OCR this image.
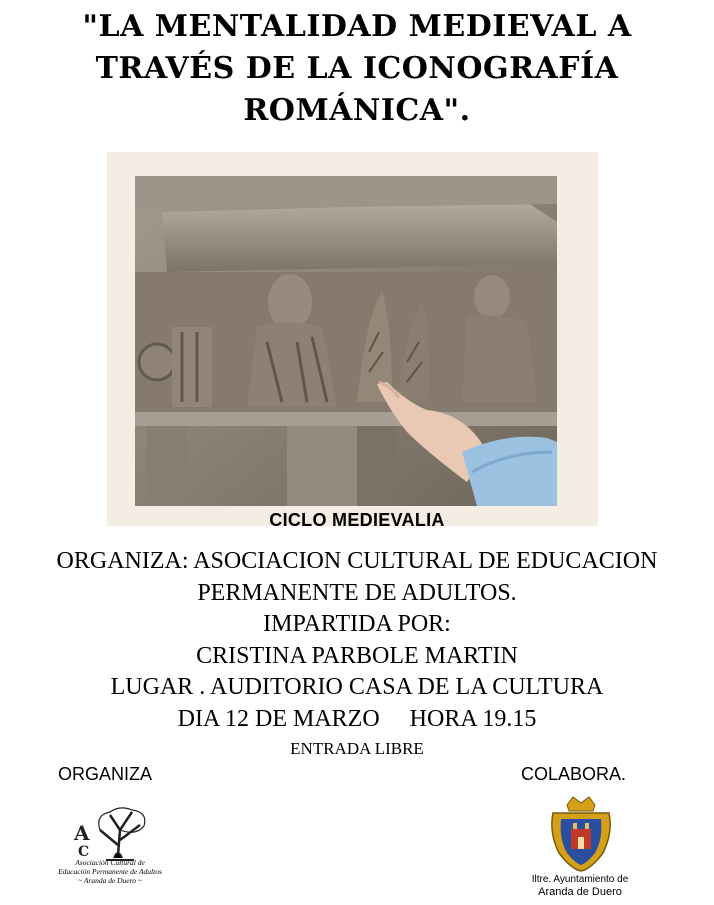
"LA MENTALIDAD MEDIEVAL A
TRAVÉS DE LA ICONOGRAFÍA
ROMÁNICA".
CICLO MEDIEVALIA
ORGANIZA: ASOCIACION CULTURAL DE EDUCACION
PERMANENTE DE ADULTOS.
IMPARTIDA POR:
CRISTINA PARBOLE MARTIN
LUGAR . AUDITORIO CASA DE LA CULTURA
DIA 12 DE MARZO     HORA 19.15
ENTRADA LIBRE
ORGANIZA	COLABORA.
A
C
Asociación Cultural de
Educación Permanente de Adultos
~ Aranda de Duero ~	Iltre. Ayuntamiento de
Aranda de Duero
